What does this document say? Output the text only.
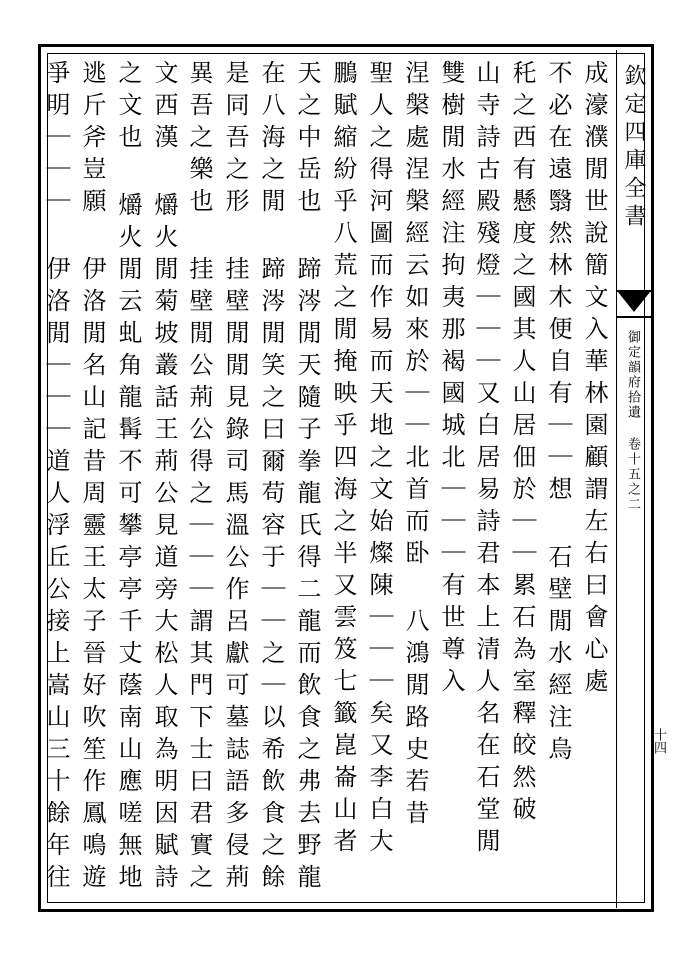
欽定四庫全書
御定韻府拾遺 卷十五之二
十四
成濠濮閒世說簡文入華林園顧謂左右曰會心處
不必在遠翳然林木便自有｜｜想 石壁閒水經注烏
秅之西有懸度之國其人山居佃於｜｜累石為室釋皎然破
山寺詩古殿殘燈｜｜｜又白居易詩君本上清人名在石堂閒
雙樹閒水經注拘夷那褐國城北｜｜｜有世尊入
涅槃處涅槃經云如來於｜｜北首而卧 八鴻閒路史若昔
聖人之得河圖而作易而天地之文始燦陳｜｜｜矣又李白大
鵬賦縮紛乎八荒之閒掩映乎四海之半又雲笈七籤崑崙山者
天之中岳也 蹄涔閒天隨子拳龍氏得二龍而飲食之弗去野龍
在八海之閒 蹄涔閒笑之曰爾苟容于｜｜之｜以希飲食之餘
是同吾之形 挂壁閒閒見錄司馬溫公作呂獻可墓誌語多侵荊
異吾之樂也 挂壁閒公荊公得之｜｜｜謂其門下士曰君實之
文西漢 爝火閒菊坡叢話王荊公見道旁大松人取為明因賦詩
之文也 爝火閒云虬角龍髯不可攀亭亭千丈蔭南山應嗟無地
逃斤斧豈願 伊洛閒名山記昔周靈王太子晉好吹笙作鳳鳴遊
爭明｜｜｜ 伊洛閒｜｜｜道人浮丘公接上嵩山三十餘年往
